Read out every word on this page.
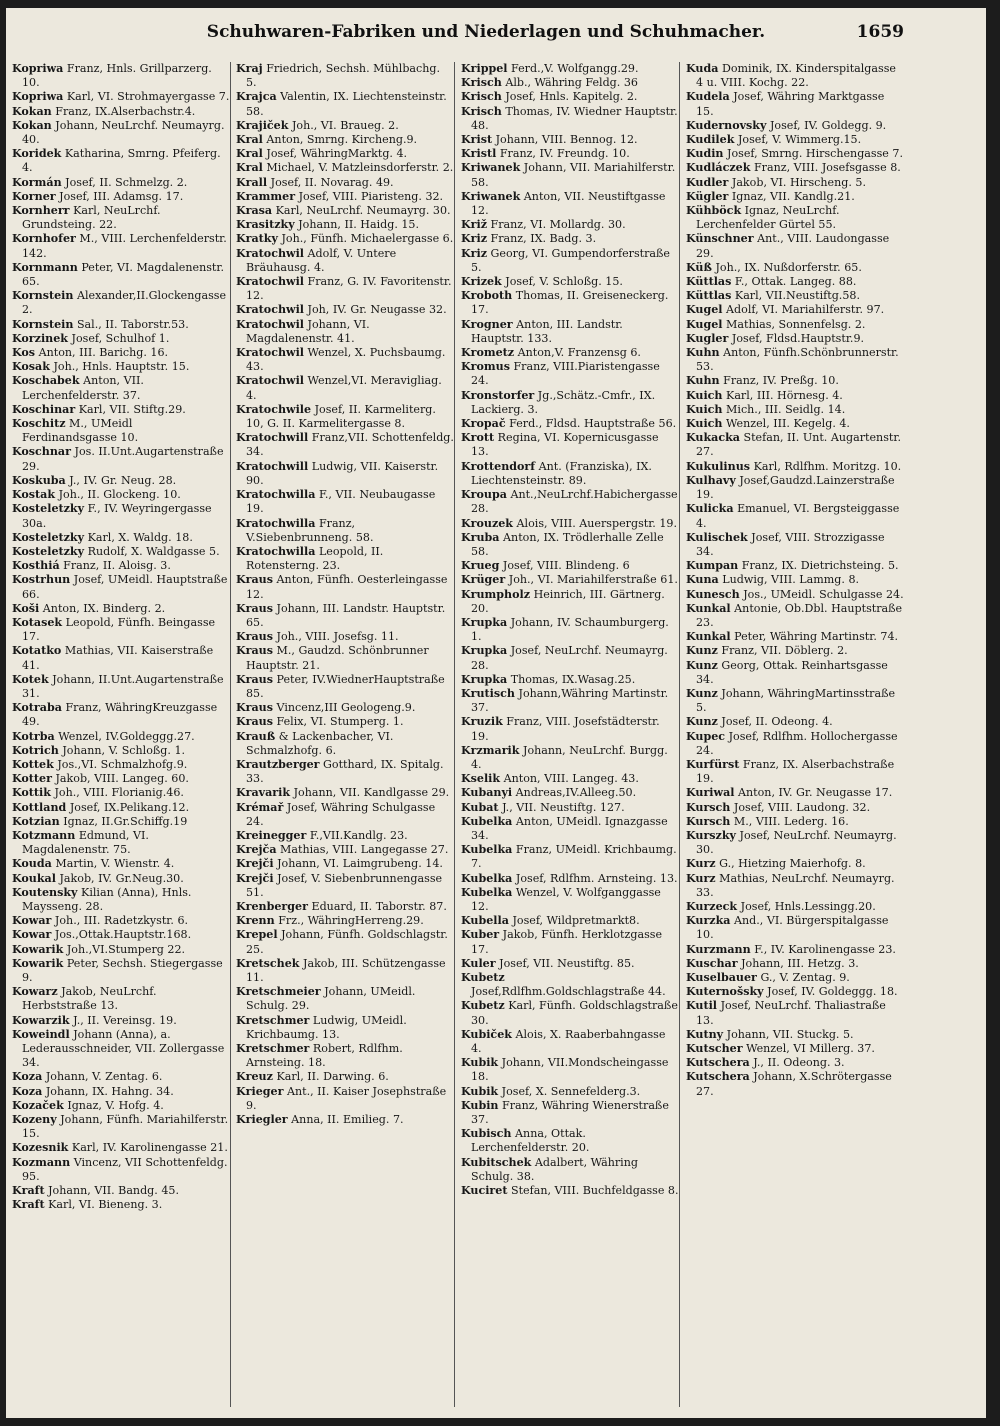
Schuhwaren-Fabriken und Niederlagen und Schuhmacher.	1659

Kopriwa Franz, Hnls. Grillparzerg. 10.

Kopriwa Karl, VI. Strohmayergasse 7.

Kokan Franz, IX.Alserbachstr.4.

Kokan Johann, NeuLrchf. Neumayrg. 40.

Koridek Katharina, Smrng. Pfeiferg. 4.

Kormán Josef, II. Schmelzg. 2.

Korner Josef, III. Adamsg. 17.

Kornherr Karl, NeuLrchf. Grundsteing. 22.

Kornhofer M., VIII. Lerchenfelderstr. 142.

Kornmann Peter, VI. Magdalenenstr. 65.

Kornstein Alexander,II.Glockengasse 2.

Kornstein Sal., II. Taborstr.53.

Korzinek Josef, Schulhof 1.

Kos Anton, III. Barichg. 16.

Kosak Joh., Hnls. Hauptstr. 15.

Koschabek Anton, VII. Lerchenfelderstr. 37.

Koschinar Karl, VII. Stiftg.29.

Koschitz M., UMeidl Ferdinandsgasse 10.

Koschnar Jos. II.Unt.Augartenstraße 29.

Koskuba J., IV. Gr. Neug. 28.

Kostak Joh., II. Glockeng. 10.

Kosteletzky F., IV. Weyringergasse 30a.

Kosteletzky Karl, X. Waldg. 18.

Kosteletzky Rudolf, X. Waldgasse 5.

Kosthiá Franz, II. Aloisg. 3.

Kostrhun Josef, UMeidl. Hauptstraße 66.

Koši Anton, IX. Binderg. 2.

Kotasek Leopold, Fünfh. Beingasse 17.

Kotatko Mathias, VII. Kaiserstraße 41.

Kotek Johann, II.Unt.Augartenstraße 31.

Kotraba Franz, WähringKreuzgasse 49.

Kotrba Wenzel, IV.Goldeggg.27.

Kotrich Johann, V. Schloßg. 1.

Kottek Jos.,VI. Schmalzhofg.9.

Kotter Jakob, VIII. Langeg. 60.

Kottik Joh., VIII. Florianig.46.

Kottland Josef, IX.Pelikang.12.

Kotzian Ignaz, II.Gr.Schiffg.19

Kotzmann Edmund, VI. Magdalenenstr. 75.

Kouda Martin, V. Wienstr. 4.

Koukal Jakob, IV. Gr.Neug.30.

Koutensky Kilian (Anna), Hnls. Maysseng. 28.

Kowar Joh., III. Radetzkystr. 6.

Kowar Jos.,Ottak.Hauptstr.168.

Kowarik Joh.,VI.Stumperg 22.

Kowarik Peter, Sechsh. Stiegergasse 9.

Kowarz Jakob, NeuLrchf. Herbststraße 13.

Kowarzik J., II. Vereinsg. 19.

Koweindl Johann (Anna), a. Lederausschneider, VII. Zollergasse 34.

Koza Johann, V. Zentag. 6.

Koza Johann, IX. Hahng. 34.

Kozaček Ignaz, V. Hofg. 4.

Kozeny Johann, Fünfh. Mariahilferstr. 15.

Kozesnik Karl, IV. Karolinengasse 21.

Kozmann Vincenz, VII Schottenfeldg. 95.

Kraft Johann, VII. Bandg. 45.

Kraft Karl, VI. Bieneng. 3.

Kraj Friedrich, Sechsh. Mühlbachg. 5.

Krajca Valentin, IX. Liechtensteinstr. 58.

Krajiček Joh., VI. Braueg. 2.

Kral Anton, Smrng. Kircheng.9.

Kral Josef, WähringMarktg. 4.

Kral Michael, V. Matzleinsdorferstr. 2.

Krall Josef, II. Novarag. 49.

Krammer Josef, VIII. Piaristeng. 32.

Krasa Karl, NeuLrchf. Neumayrg. 30.

Krasitzky Johann, II. Haidg. 15.

Kratky Joh., Fünfh. Michaelergasse 6.

Kratochwil Adolf, V. Untere Bräuhausg. 4.

Kratochwil Franz, G. IV. Favoritenstr. 12.

Kratochwil Joh, IV. Gr. Neugasse 32.

Kratochwil Johann, VI. Magdalenenstr. 41.

Kratochwil Wenzel, X. Puchsbaumg. 43.

Kratochwil Wenzel,VI. Meravigliag. 4.

Kratochwile Josef, II. Karmeliterg. 10, G. II. Karmelitergasse 8.

Kratochwill Franz,VII. Schottenfeldg. 34.

Kratochwill Ludwig, VII. Kaiserstr. 90.

Kratochwilla F., VII. Neubaugasse 19.

Kratochwilla Franz, V.Siebenbrunneng. 58.

Kratochwilla Leopold, II. Rotensterng. 23.

Kraus Anton, Fünfh. Oesterleingasse 12.

Kraus Johann, III. Landstr. Hauptstr. 65.

Kraus Joh., VIII. Josefsg. 11.

Kraus M., Gaudzd. Schönbrunner Hauptstr. 21.

Kraus Peter, IV.WiednerHauptstraße 85.

Kraus Vincenz,III Geologeng.9.

Kraus Felix, VI. Stumperg. 1.

Krauß & Lackenbacher, VI. Schmalzhofg. 6.

Krautzberger Gotthard, IX. Spitalg. 33.

Kravarik Johann, VII. Kandlgasse 29.

Krémař Josef, Währing Schulgasse 24.

Kreinegger F.,VII.Kandlg. 23.

Krejča Mathias, VIII. Langegasse 27.

Krejči Johann, VI. Laimgrubeng. 14.

Krejči Josef, V. Siebenbrunnengasse 51.

Krenberger Eduard, II. Taborstr. 87.

Krenn Frz., WähringHerreng.29.

Krepel Johann, Fünfh. Goldschlagstr. 25.

Kretschek Jakob, III. Schützengasse 11.

Kretschmeier Johann, UMeidl. Schulg. 29.

Kretschmer Ludwig, UMeidl. Krichbaumg. 13.

Kretschmer Robert, Rdlfhm. Arnsteing. 18.

Kreuz Karl, II. Darwing. 6.

Krieger Ant., II. Kaiser Josephstraße 9.

Kriegler Anna, II. Emilieg. 7.

Krippel Ferd.,V. Wolfgangg.29.

Krisch Alb., Währing Feldg. 36

Krisch Josef, Hnls. Kapitelg. 2.

Krisch Thomas, IV. Wiedner Hauptstr. 48.

Krist Johann, VIII. Bennog. 12.

Kristl Franz, IV. Freundg. 10.

Kriwanek Johann, VII. Mariahilferstr. 58.

Kriwanek Anton, VII. Neustiftgasse 12.

Križ Franz, VI. Mollardg. 30.

Kriz Franz, IX. Badg. 3.

Kriz Georg, VI. Gumpendorferstraße 5.

Krizek Josef, V. Schloßg. 15.

Kroboth Thomas, II. Greiseneckerg. 17.

Krogner Anton, III. Landstr. Hauptstr. 133.

Krometz Anton,V. Franzensg 6.

Kromus Franz, VIII.Piaristengasse 24.

Kronstorfer Jg.,Schätz.-Cmfr., IX. Lackierg. 3.

Kropač Ferd., Fldsd. Hauptstraße 56.

Krott Regina, VI. Kopernicusgasse 13.

Krottendorf Ant. (Franziska), IX. Liechtensteinstr. 89.

Kroupa Ant.,NeuLrchf.Habichergasse 28.

Krouzek Alois, VIII. Auerspergstr. 19.

Kruba Anton, IX. Trödlerhalle Zelle 58.

Krueg Josef, VIII. Blindeng. 6

Krüger Joh., VI. Mariahilferstraße 61.

Krumpholz Heinrich, III. Gärtnerg. 20.

Krupka Johann, IV. Schaumburgerg. 1.

Krupka Josef, NeuLrchf. Neumayrg. 28.

Krupka Thomas, IX.Wasag.25.

Krutisch Johann,Währing Martinstr. 37.

Kruzik Franz, VIII. Josefstädterstr. 19.

Krzmarik Johann, NeuLrchf. Burgg. 4.

Kselik Anton, VIII. Langeg. 43.

Kubanyi Andreas,IV.Alleeg.50.

Kubat J., VII. Neustiftg. 127.

Kubelka Anton, UMeidl. Ignazgasse 34.

Kubelka Franz, UMeidl. Krichbaumg. 7.

Kubelka Josef, Rdlfhm. Arnsteing. 13.

Kubelka Wenzel, V. Wolfganggasse 12.

Kubella Josef, Wildpretmarkt8.

Kuber Jakob, Fünfh. Herklotzgasse 17.

Kuler Josef, VII. Neustiftg. 85.

Kubetz Josef,Rdlfhm.Goldschlagstraße 44.

Kubetz Karl, Fünfh. Goldschlagstraße 30.

Kubiček Alois, X. Raaberbahngasse 4.

Kubik Johann, VII.Mondscheingasse 18.

Kubik Josef, X. Sennefelderg.3.

Kubin Franz, Währing Wienerstraße 37.

Kubisch Anna, Ottak. Lerchenfelderstr. 20.

Kubitschek Adalbert, Währing Schulg. 38.

Kuciret Stefan, VIII. Buchfeldgasse 8.

Kuda Dominik, IX. Kinderspitalgasse 4 u. VIII. Kochg. 22.

Kudela Josef, Währing Marktgasse 15.

Kudernovsky Josef, IV. Goldegg. 9.

Kudilek Josef, V. Wimmerg.15.

Kudin Josef, Smrng. Hirschengasse 7.

Kudláczek Franz, VIII. Josefsgasse 8.

Kudler Jakob, VI. Hirscheng. 5.

Kügler Ignaz, VII. Kandlg.21.

Kühböck Ignaz, NeuLrchf. Lerchenfelder Gürtel 55.

Künschner Ant., VIII. Laudongasse 29.

Küß Joh., IX. Nußdorferstr. 65.

Küttlas F., Ottak. Langeg. 88.

Küttlas Karl, VII.Neustiftg.58.

Kugel Adolf, VI. Mariahilferstr. 97.

Kugel Mathias, Sonnenfelsg. 2.

Kugler Josef, Fldsd.Hauptstr.9.

Kuhn Anton, Fünfh.Schönbrunnerstr. 53.

Kuhn Franz, IV. Preßg. 10.

Kuich Karl, III. Hörnesg. 4.

Kuich Mich., III. Seidlg. 14.

Kuich Wenzel, III. Kegelg. 4.

Kukacka Stefan, II. Unt. Augartenstr. 27.

Kukulinus Karl, Rdlfhm. Moritzg. 10.

Kulhavy Josef,Gaudzd.Lainzerstraße 19.

Kulicka Emanuel, VI. Bergsteiggasse 4.

Kulischek Josef, VIII. Strozzigasse 34.

Kumpan Franz, IX. Dietrichsteing. 5.

Kuna Ludwig, VIII. Lammg. 8.

Kunesch Jos., UMeidl. Schulgasse 24.

Kunkal Antonie, Ob.Dbl. Hauptstraße 23.

Kunkal Peter, Währing Martinstr. 74.

Kunz Franz, VII. Döblerg. 2.

Kunz Georg, Ottak. Reinhartsgasse 34.

Kunz Johann, WähringMartinsstraße 5.

Kunz Josef, II. Odeong. 4.

Kupec Josef, Rdlfhm. Hollochergasse 24.

Kurfürst Franz, IX. Alserbachstraße 19.

Kuriwal Anton, IV. Gr. Neugasse 17.

Kursch Josef, VIII. Laudong. 32.

Kursch M., VIII. Lederg. 16.

Kurszky Josef, NeuLrchf. Neumayrg. 30.

Kurz G., Hietzing Maierhofg. 8.

Kurz Mathias, NeuLrchf. Neumayrg. 33.

Kurzeck Josef, Hnls.Lessingg.20.

Kurzka And., VI. Bürgerspitalgasse 10.

Kurzmann F., IV. Karolinengasse 23.

Kuschar Johann, III. Hetzg. 3.

Kuselbauer G., V. Zentag. 9.

Kuternošsky Josef, IV. Goldeggg. 18.

Kutil Josef, NeuLrchf. Thaliastraße 13.

Kutny Johann, VII. Stuckg. 5.

Kutscher Wenzel, VI Millerg. 37.

Kutschera J., II. Odeong. 3.

Kutschera Johann, X.Schrötergasse 27.
